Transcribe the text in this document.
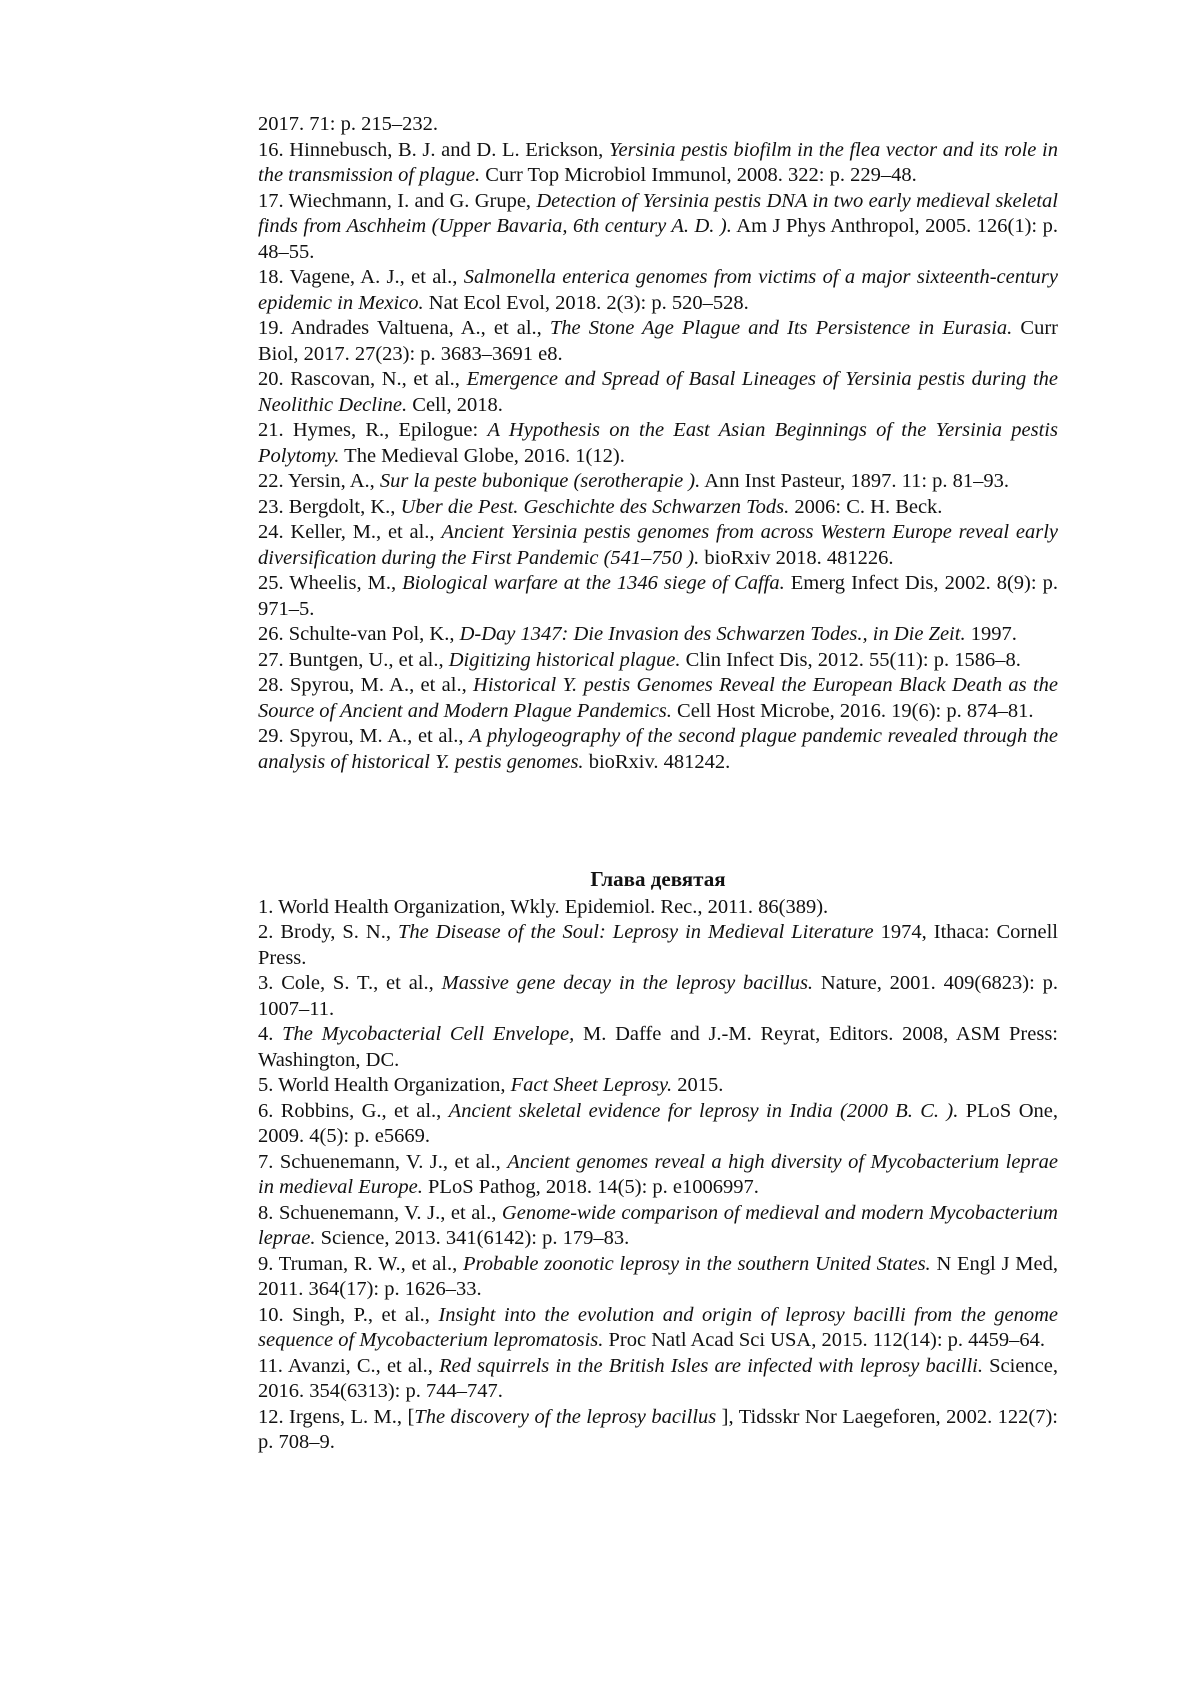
2017. 71: p. 215–232.

16. Hinnebusch, B. J. and D. L. Erickson, Yersinia pestis biofilm in the flea vector and its role in the transmission of plague. Curr Top Microbiol Immunol, 2008. 322: p. 229–48.

17. Wiechmann, I. and G. Grupe, Detection of Yersinia pestis DNA in two early medieval skeletal finds from Aschheim (Upper Bavaria, 6th century A. D. ). Am J Phys Anthropol, 2005. 126(1): p. 48–55.

18. Vagene, A. J., et al., Salmonella enterica genomes from victims of a major sixteenth-century epidemic in Mexico. Nat Ecol Evol, 2018. 2(3): p. 520–528.

19. Andrades Valtuena, A., et al., The Stone Age Plague and Its Persistence in Eurasia. Curr Biol, 2017. 27(23): p. 3683–3691 e8.

20. Rascovan, N., et al., Emergence and Spread of Basal Lineages of Yersinia pestis during the Neolithic Decline. Cell, 2018.

21. Hymes, R., Epilogue: A Hypothesis on the East Asian Beginnings of the Yersinia pestis Polytomy. The Medieval Globe, 2016. 1(12).

22. Yersin, A., Sur la peste bubonique (serotherapie ). Ann Inst Pasteur, 1897. 11: p. 81–93.

23. Bergdolt, K., Uber die Pest. Geschichte des Schwarzen Tods. 2006: C. H. Beck.

24. Keller, M., et al., Ancient Yersinia pestis genomes from across Western Europe reveal early diversification during the First Pandemic (541–750 ). bioRxiv 2018. 481226.

25. Wheelis, M., Biological warfare at the 1346 siege of Caffa. Emerg Infect Dis, 2002. 8(9): p. 971–5.

26. Schulte-van Pol, K., D-Day 1347: Die Invasion des Schwarzen Todes., in Die Zeit. 1997.

27. Buntgen, U., et al., Digitizing historical plague. Clin Infect Dis, 2012. 55(11): p. 1586–8.

28. Spyrou, M. A., et al., Historical Y. pestis Genomes Reveal the European Black Death as the Source of Ancient and Modern Plague Pandemics. Cell Host Microbe, 2016. 19(6): p. 874–81.

29. Spyrou, M. A., et al., A phylogeography of the second plague pandemic revealed through the analysis of historical Y. pestis genomes. bioRxiv. 481242.

Глава девятая

1. World Health Organization, Wkly. Epidemiol. Rec., 2011. 86(389).

2. Brody, S. N., The Disease of the Soul: Leprosy in Medieval Literature 1974, Ithaca: Cornell Press.

3. Cole, S. T., et al., Massive gene decay in the leprosy bacillus. Nature, 2001. 409(6823): p. 1007–11.

4. The Mycobacterial Cell Envelope, M. Daffe and J.-M. Reyrat, Editors. 2008, ASM Press: Washington, DC.

5. World Health Organization, Fact Sheet Leprosy. 2015.

6. Robbins, G., et al., Ancient skeletal evidence for leprosy in India (2000 B. C. ). PLoS One, 2009. 4(5): p. e5669.

7. Schuenemann, V. J., et al., Ancient genomes reveal a high diversity of Mycobacterium leprae in medieval Europe. PLoS Pathog, 2018. 14(5): p. e1006997.

8. Schuenemann, V. J., et al., Genome-wide comparison of medieval and modern Mycobacterium leprae. Science, 2013. 341(6142): p. 179–83.

9. Truman, R. W., et al., Probable zoonotic leprosy in the southern United States. N Engl J Med, 2011. 364(17): p. 1626–33.

10. Singh, P., et al., Insight into the evolution and origin of leprosy bacilli from the genome sequence of Mycobacterium lepromatosis. Proc Natl Acad Sci USA, 2015. 112(14): p. 4459–64.

11. Avanzi, C., et al., Red squirrels in the British Isles are infected with leprosy bacilli. Science, 2016. 354(6313): p. 744–747.

12. Irgens, L. M., [The discovery of the leprosy bacillus ], Tidsskr Nor Laegeforen, 2002. 122(7): p. 708–9.
